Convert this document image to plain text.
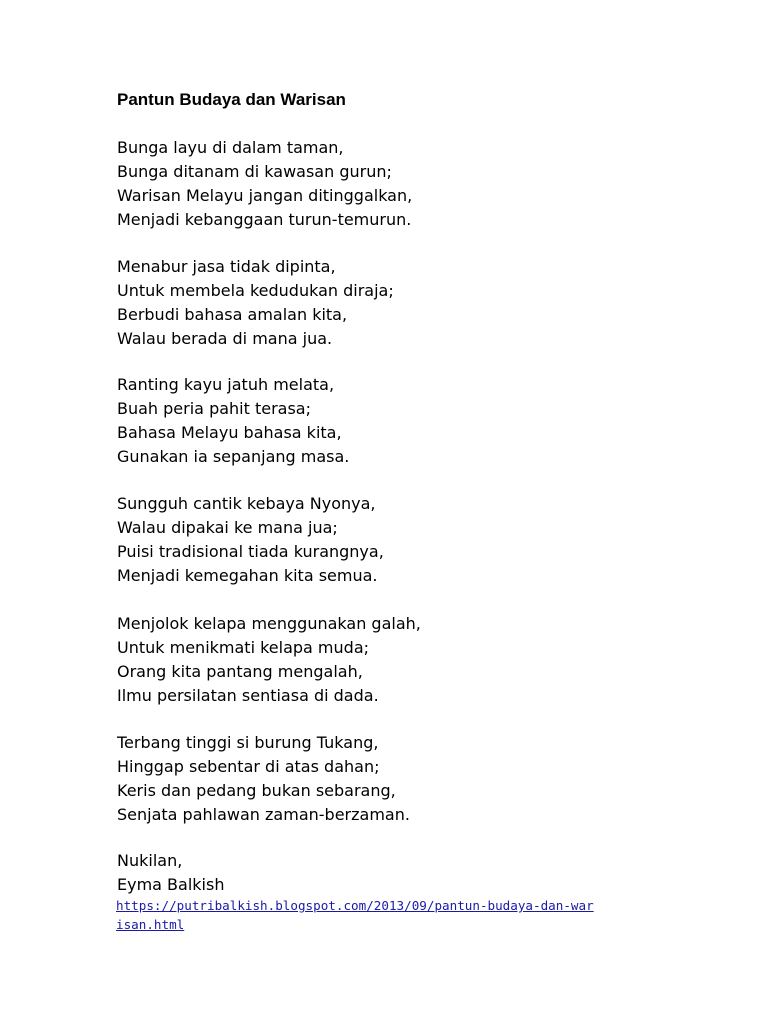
Pantun Budaya dan Warisan
Bunga layu di dalam taman,
Bunga ditanam di kawasan gurun;
Warisan Melayu jangan ditinggalkan,
Menjadi kebanggaan turun-temurun.
Menabur jasa tidak dipinta,
Untuk membela kedudukan diraja;
Berbudi bahasa amalan kita,
Walau berada di mana jua.
Ranting kayu jatuh melata,
Buah peria pahit terasa;
Bahasa Melayu bahasa kita,
Gunakan ia sepanjang masa.
Sungguh cantik kebaya Nyonya,
Walau dipakai ke mana jua;
Puisi tradisional tiada kurangnya,
Menjadi kemegahan kita semua.
Menjolok kelapa menggunakan galah,
Untuk menikmati kelapa muda;
Orang kita pantang mengalah,
Ilmu persilatan sentiasa di dada.
Terbang tinggi si burung Tukang,
Hinggap sebentar di atas dahan;
Keris dan pedang bukan sebarang,
Senjata pahlawan zaman-berzaman.
Nukilan,
Eyma Balkish
https://putribalkish.blogspot.com/2013/09/pantun-budaya-dan-warisan.html
